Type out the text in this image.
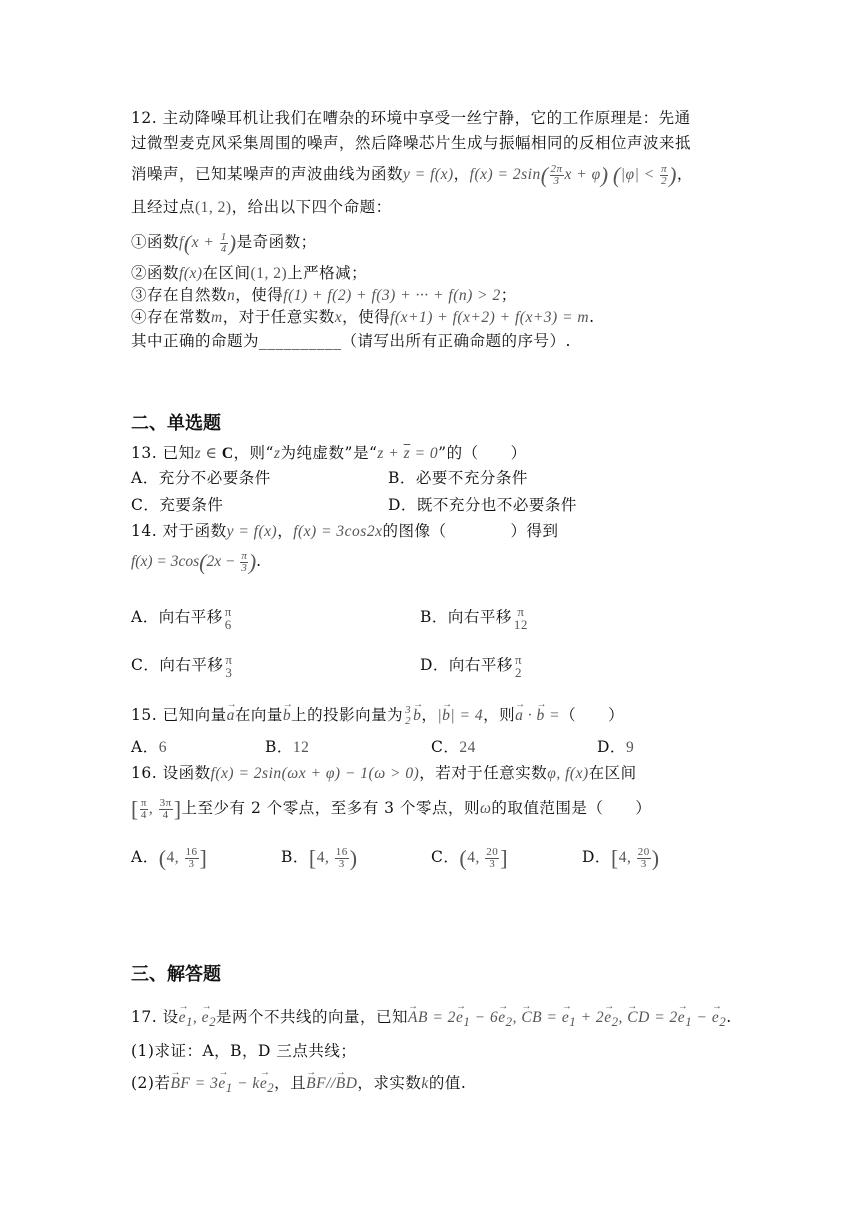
12. 主动降噪耳机让我们在嘈杂的环境中享受一丝宁静，它的工作原理是：先通
过微型麦克风采集周围的噪声，然后降噪芯片生成与振幅相同的反相位声波来抵
消噪声，已知某噪声的声波曲线为函数y = f(x)，$f(x) = 2\sin( \frac{2\pi}{3}$ x + φ) ($|\varphi| < \frac{\pi}{2}$ )，
且经过点(1, 2)，给出以下四个命题：
①函数$f(x + \frac{1}{4}$ )是奇函数；
②函数f(x)在区间(1, 2)上严格减；
③存在自然数n，使得f(1) + f(2) + f(3) + ··· + f(n) > 2；
④存在常数m，对于任意实数x，使得f(x+1) + f(x+2) + f(x+3) = m.
其中正确的命题为__________（请写出所有正确命题的序号）.
二、单选题
13. 已知z ∈ C，则“z为纯虚数”是“$z + \overline{z} = 0$”的（　　）
A．充分不必要条件	B．必要不充分条件
C．充要条件	D．既不充分也不必要条件
14. 对于函数y = f(x)，f(x) = 3cos2x的图像（　　　　）得到
$f(x) = 3\cos(2x - \frac{\pi}{3}$ ).
A．向右平移 π
6	B．向右平移 π
12
C．向右平移 π
3	D．向右平移 π
2
15. 已知向量→ a在向量→ b上的投影向量为 3
2 → b，|→ b| = 4，则→ a · → b =（　　）
A．6	B．12	C．24	D．9
16. 设函数f(x) = 2sin(ωx + φ) − 1(ω > 0)，若对于任意实数φ, f(x)在区间
[ $\frac{\pi}{4}$ , $\frac{3\pi}{4}$ ]上至少有 2 个零点，至多有 3 个零点，则ω的取值范围是（　　）
A．(4, $\frac{16}{3}$ ]	B．[4, $\frac{16}{3}$ )	C．(4, $\frac{20}{3}$ ]	D．[4, $\frac{20}{3}$ )
三、解答题
17. 设→ $e_1$, → $e_2$是两个不共线的向量，已知→ AB = $2\to e_1 - 6\to e_2$, → CB = → $e_1 + 2\to e_2$, → CD = $2\to e_1$ − → $e_2$.
(1)求证：A，B，D 三点共线；
(2)若→ BF = $3\to e_1 - k\to e_2$，且→ BF//→ BD，求实数k的值.
